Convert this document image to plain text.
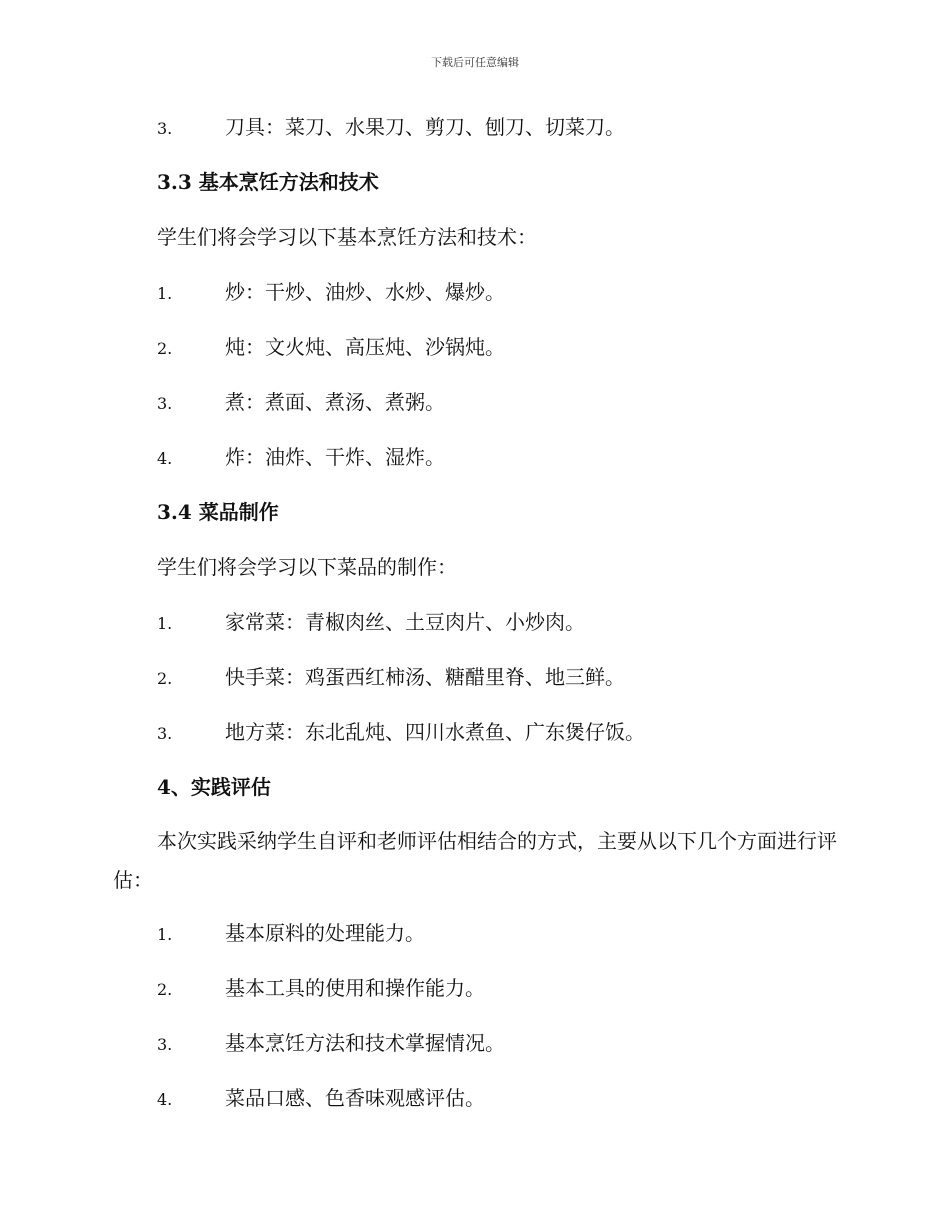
下载后可任意编辑
3.	刀具：菜刀、水果刀、剪刀、刨刀、切菜刀。
3.3 基本烹饪方法和技术
学生们将会学习以下基本烹饪方法和技术：
1.	炒：干炒、油炒、水炒、爆炒。
2.	炖：文火炖、高压炖、沙锅炖。
3.	煮：煮面、煮汤、煮粥。
4.	炸：油炸、干炸、湿炸。
3.4 菜品制作
学生们将会学习以下菜品的制作：
1.	家常菜：青椒肉丝、土豆肉片、小炒肉。
2.	快手菜：鸡蛋西红柿汤、糖醋里脊、地三鲜。
3.	地方菜：东北乱炖、四川水煮鱼、广东煲仔饭。
4、实践评估
本次实践采纳学生自评和老师评估相结合的方式，主要从以下几个方面进行评估：
1.	基本原料的处理能力。
2.	基本工具的使用和操作能力。
3.	基本烹饪方法和技术掌握情况。
4.	菜品口感、色香味观感评估。
